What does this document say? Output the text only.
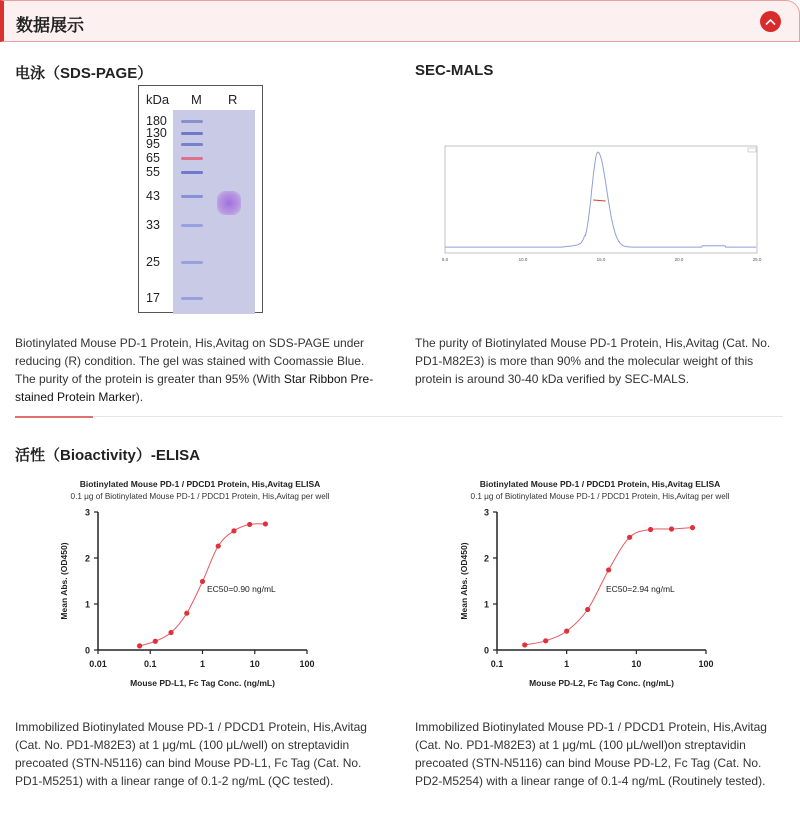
数据展示
电泳（SDS-PAGE）	SEC-MALS
kDa M R
180
130
95
65
55
43
33
25
17
Biotinylated Mouse PD-1 Protein, His,Avitag on SDS-PAGE under reducing (R) condition. The gel was stained with Coomassie Blue. The purity of the protein is greater than 95% (With Star Ribbon Pre-stained Protein Marker).
5.0	10.0	15.0	20.0	25.0
The purity of Biotinylated Mouse PD-1 Protein, His,Avitag (Cat. No. PD1-M82E3) is more than 90% and the molecular weight of this protein is around 30-40 kDa verified by SEC-MALS.
活性（Bioactivity）-ELISA
Biotinylated Mouse PD-1 / PDCD1 Protein, His,Avitag ELISA
0.1 μg of Biotinylated Mouse PD-1 / PDCD1 Protein, His,Avitag per well
0
1
2
3
0.01	0.1	1	10	100
Mouse PD-L1, Fc Tag Conc. (ng/mL)
Mean Abs. (OD450)	EC50=0.90 ng/mL
Biotinylated Mouse PD-1 / PDCD1 Protein, His,Avitag ELISA
0.1 μg of Biotinylated Mouse PD-1 / PDCD1 Protein, His,Avitag per well
0
1
2
3
0.1	1	10	100
Mouse PD-L2, Fc Tag Conc. (ng/mL)
Mean Abs. (OD450)	EC50=2.94 ng/mL
Immobilized Biotinylated Mouse PD-1 / PDCD1 Protein, His,Avitag (Cat. No. PD1-M82E3) at 1 μg/mL (100 μL/well) on streptavidin precoated (STN-N5116) can bind Mouse PD-L1, Fc Tag (Cat. No. PD1-M5251) with a linear range of 0.1-2 ng/mL (QC tested).
Immobilized Biotinylated Mouse PD-1 / PDCD1 Protein, His,Avitag (Cat. No. PD1-M82E3) at 1 μg/mL (100 μL/well)on streptavidin precoated (STN-N5116) can bind Mouse PD-L2, Fc Tag (Cat. No. PD2-M5254) with a linear range of 0.1-4 ng/mL (Routinely tested).
